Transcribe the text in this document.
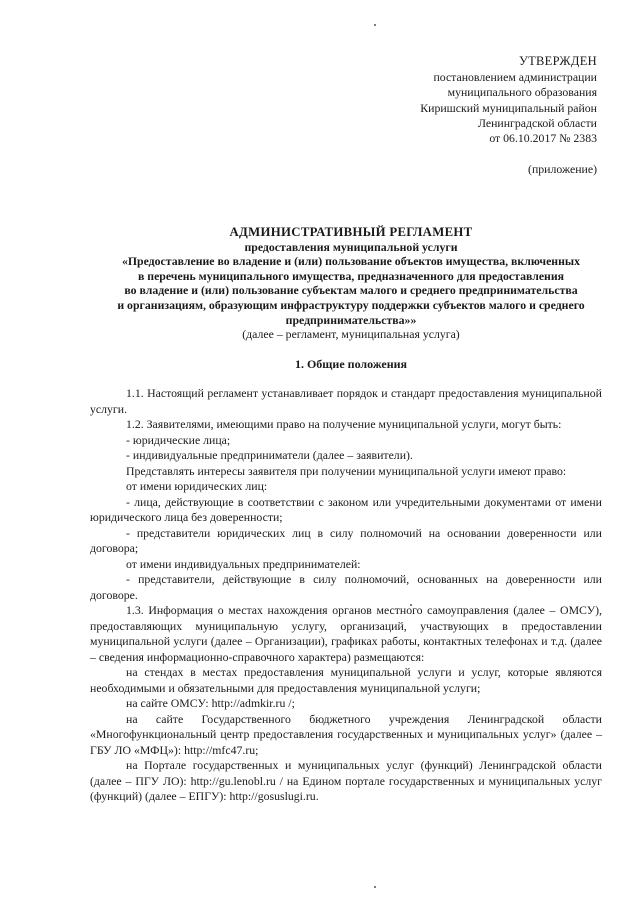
УТВЕРЖДЕН
постановлением администрации
муниципального образования
Киришский муниципальный район
Ленинградской области
от 06.10.2017 № 2383
(приложение)
АДМИНИСТРАТИВНЫЙ РЕГЛАМЕНТ
предоставления муниципальной услуги
«Предоставление во владение и (или) пользование объектов имущества, включенных
в перечень муниципального имущества, предназначенного для предоставления
во владение и (или) пользование субъектам малого и среднего предпринимательства
и организациям, образующим инфраструктуру поддержки субъектов малого и среднего
предпринимательства»»
(далее – регламент, муниципальная услуга)
1. Общие положения

1.1. Настоящий регламент устанавливает порядок и стандарт предоставления муниципальной услуги.

1.2. Заявителями, имеющими право на получение муниципальной услуги, могут быть:

- юридические лица;

- индивидуальные предприниматели (далее – заявители).

Представлять интересы заявителя при получении муниципальной услуги имеют право:

от имени юридических лиц:

- лица, действующие в соответствии с законом или учредительными документами от имени юридического лица без доверенности;

- представители юридических лиц в силу полномочий на основании доверенности или договора;

от имени индивидуальных предпринимателей:

- представители, действующие в силу полномочий, основанных на доверенности или договоре.

1.3. Информация о местах нахождения органов местного самоуправления (далее – ОМСУ), предоставляющих муниципальную услугу, организаций, участвующих в предоставлении муниципальной услуги (далее – Организации), графиках работы, контактных телефонах и т.д. (далее – сведения информационно-справочного характера) размещаются:

на стендах в местах предоставления муниципальной услуги и услуг, которые являются необходимыми и обязательными для предоставления муниципальной услуги;

на сайте ОМСУ: http://admkir.ru /;

на сайте Государственного бюджетного учреждения Ленинградской области «Многофункциональный центр предоставления государственных и муниципальных услуг» (далее – ГБУ ЛО «МФЦ»): http://mfc47.ru;

на Портале государственных и муниципальных услуг (функций) Ленинградской области (далее – ПГУ ЛО): http://gu.lenobl.ru / на Едином портале государственных и муниципальных услуг (функций) (далее – ЕПГУ): http://gosuslugi.ru.
